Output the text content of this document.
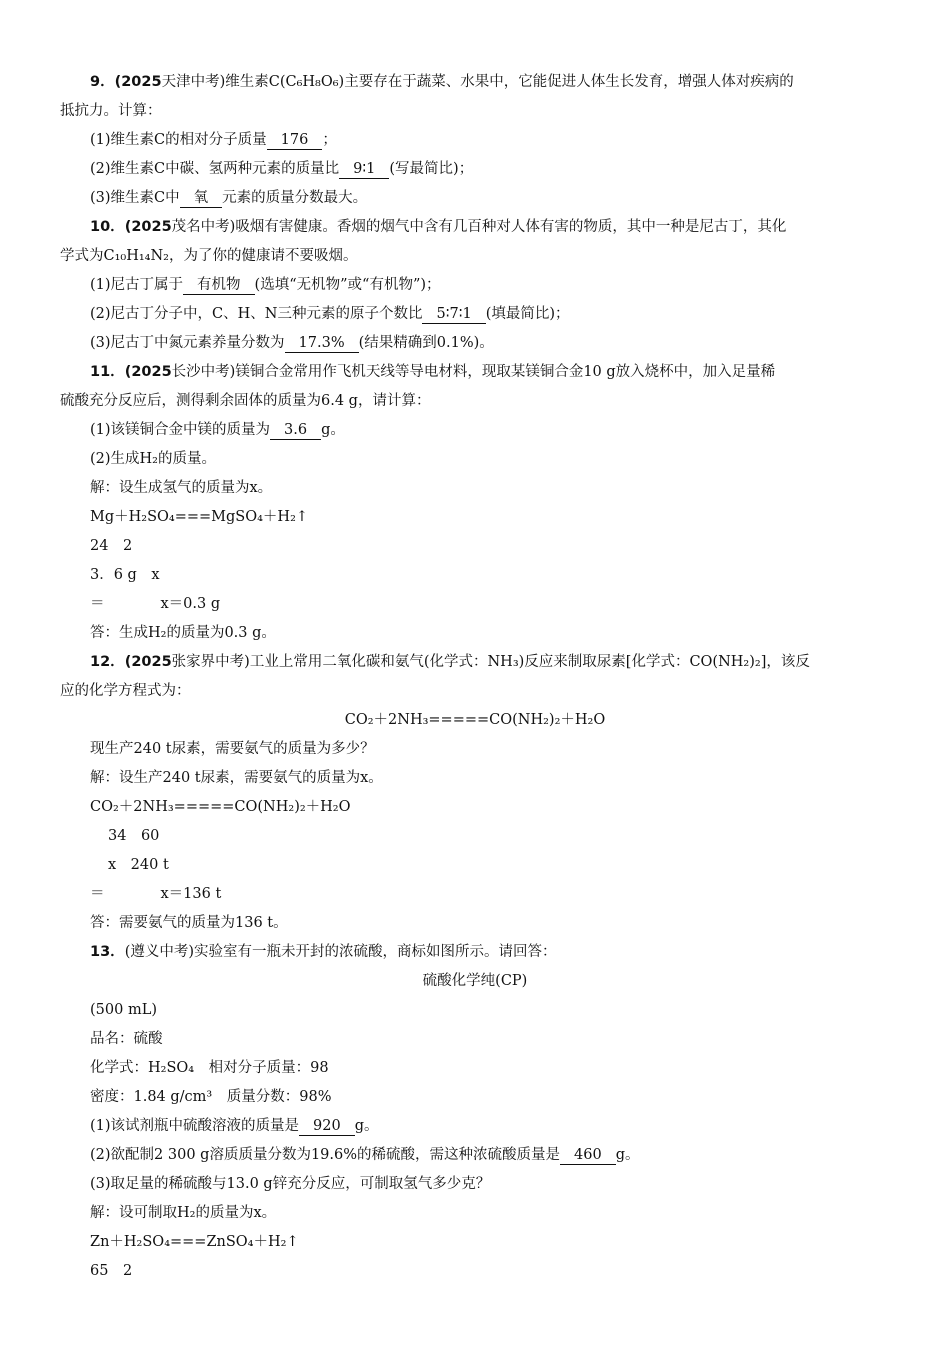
9．(2025天津中考)维生素C(C₆H₈O₆)主要存在于蔬菜、水果中，它能促进人体生长发育，增强人体对疾病的
抵抗力。计算：
(1)维生素C的相对分子质量 176 ；
(2)维生素C中碳、氢两种元素的质量比 9∶1 (写最简比)；
(3)维生素C中 氧 元素的质量分数最大。
10．(2025茂名中考)吸烟有害健康。香烟的烟气中含有几百种对人体有害的物质，其中一种是尼古丁，其化
学式为C₁₀H₁₄N₂，为了你的健康请不要吸烟。
(1)尼古丁属于 有机物 (选填“无机物”或“有机物”)；
(2)尼古丁分子中，C、H、N三种元素的原子个数比 5∶7∶1 (填最简比)；
(3)尼古丁中氮元素养量分数为 17.3% (结果精确到0.1%)。
11．(2025长沙中考)镁铜合金常用作飞机天线等导电材料，现取某镁铜合金10 g放入烧杯中，加入足量稀
硫酸充分反应后，测得剩余固体的质量为6.4 g，请计算：
(1)该镁铜合金中镁的质量为 3.6 g。
(2)生成H₂的质量。
解：设生成氢气的质量为x。
Mg＋H₂SO₄===MgSO₄＋H₂↑
24　2
3．6 g　x
＝	x＝0.3 g
答：生成H₂的质量为0.3 g。
12．(2025张家界中考)工业上常用二氧化碳和氨气(化学式：NH₃)反应来制取尿素[化学式：CO(NH₂)₂]，该反
应的化学方程式为：
CO₂＋2NH₃=====CO(NH₂)₂＋H₂O
现生产240 t尿素，需要氨气的质量为多少？
解：设生产240 t尿素，需要氨气的质量为x。
CO₂＋2NH₃=====CO(NH₂)₂＋H₂O
34　60
x　240 t
＝	x＝136 t
答：需要氨气的质量为136 t。
13．(遵义中考)实验室有一瓶未开封的浓硫酸，商标如图所示。请回答：
硫酸化学纯(CP)
(500 mL)
品名：硫酸
化学式：H₂SO₄　相对分子质量：98
密度：1.84 g/cm³　质量分数：98%
(1)该试剂瓶中硫酸溶液的质量是 920 g。
(2)欲配制2 300 g溶质质量分数为19.6%的稀硫酸，需这种浓硫酸质量是 460 g。
(3)取足量的稀硫酸与13.0 g锌充分反应，可制取氢气多少克？
解：设可制取H₂的质量为x。
Zn＋H₂SO₄===ZnSO₄＋H₂↑
65　2
